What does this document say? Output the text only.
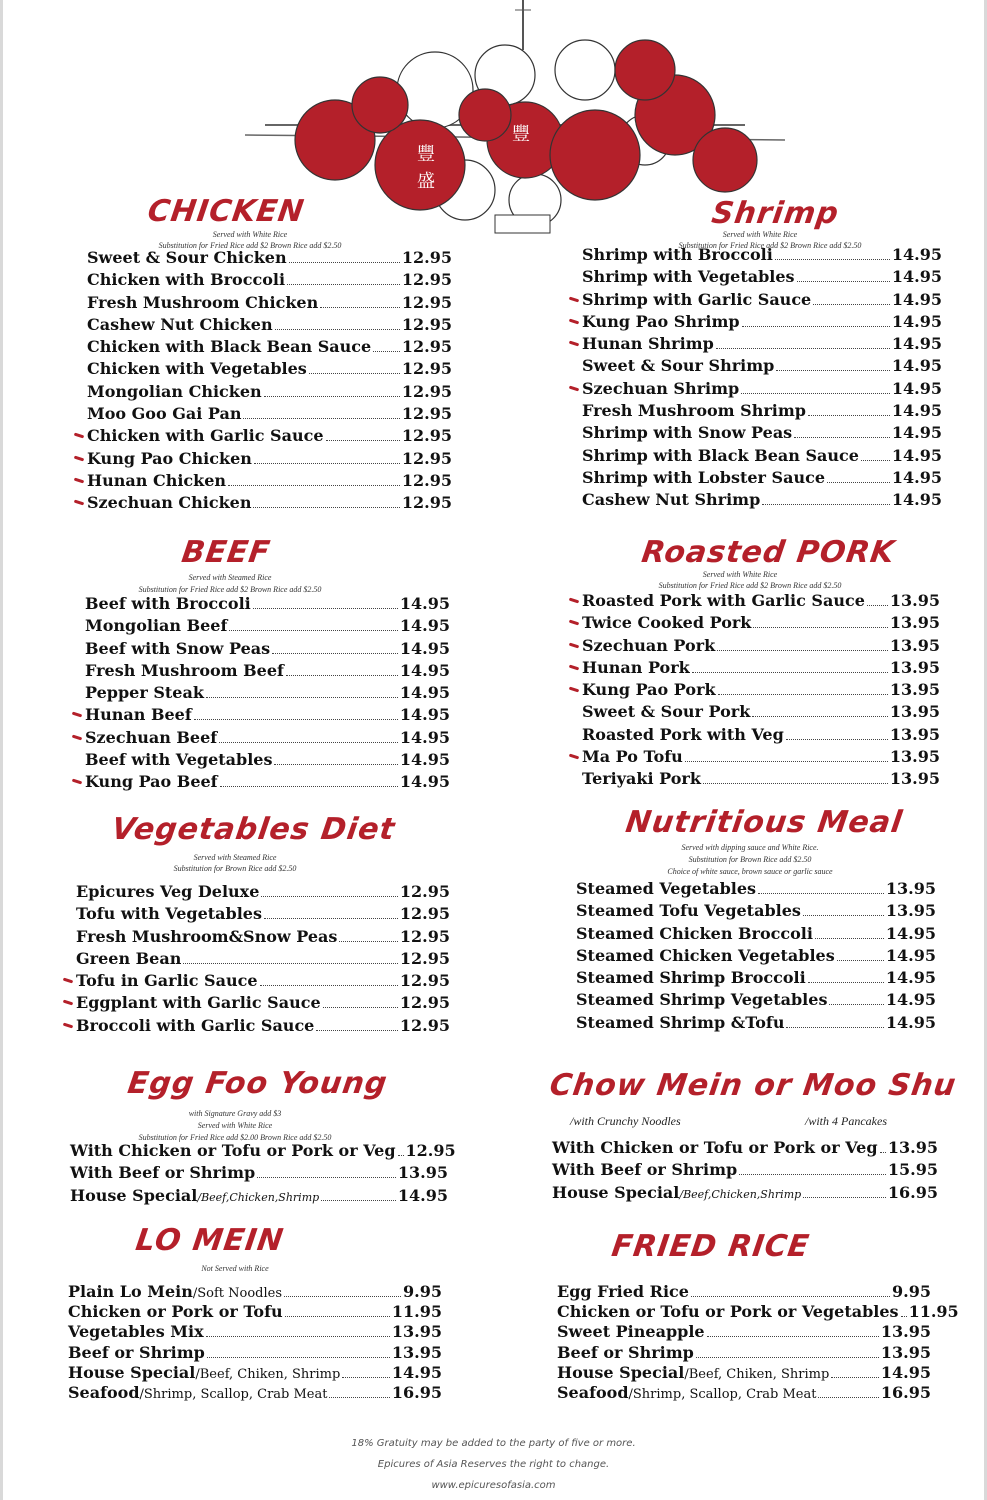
豐
盛
豐
CHICKEN
Served with White Rice
Substitution for Fried Rice add $2 Brown Rice add $2.50
Sweet & Sour Chicken	12.95
Chicken with Broccoli	12.95
Fresh Mushroom Chicken	12.95
Cashew Nut Chicken	12.95
Chicken with Black Bean Sauce 12.95
Chicken with Vegetables	12.95
Mongolian Chicken	12.95
Moo Goo Gai Pan	12.95
Chicken with Garlic Sauce	12.95
Kung Pao Chicken	12.95
Hunan Chicken	12.95
Szechuan Chicken	12.95
Shrimp
Served with White Rice
Substitution for Fried Rice add $2 Brown Rice add $2.50
Shrimp with Broccoli	14.95
Shrimp with Vegetables	14.95
Shrimp with Garlic Sauce	14.95
Kung Pao Shrimp	14.95
Hunan Shrimp	14.95
Sweet & Sour Shrimp	14.95
Szechuan Shrimp	14.95
Fresh Mushroom Shrimp	14.95
Shrimp with Snow Peas	14.95
Shrimp with Black Bean Sauce 14.95
Shrimp with Lobster Sauce	14.95
Cashew Nut Shrimp	14.95
BEEF
Served with Steamed Rice
Substitution for Fried Rice add $2 Brown Rice add $2.50
Beef with Broccoli	14.95
Mongolian Beef	14.95
Beef with Snow Peas	14.95
Fresh Mushroom Beef	14.95
Pepper Steak	14.95
Hunan Beef	14.95
Szechuan Beef	14.95
Beef with Vegetables	14.95
Kung Pao Beef	14.95
Roasted PORK
Served with White Rice
Substitution for Fried Rice add $2 Brown Rice add $2.50
Roasted Pork with Garlic Sauce 13.95
Twice Cooked Pork	13.95
Szechuan Pork	13.95
Hunan Pork	13.95
Kung Pao Pork	13.95
Sweet & Sour Pork	13.95
Roasted Pork with Veg	13.95
Ma Po Tofu	13.95
Teriyaki Pork	13.95
Vegetables Diet
Served with Steamed Rice
Substitution for Brown Rice add $2.50
Epicures Veg Deluxe	12.95
Tofu with Vegetables	12.95
Fresh Mushroom&Snow Peas	12.95
Green Bean	12.95
Tofu in Garlic Sauce	12.95
Eggplant with Garlic Sauce	12.95
Broccoli with Garlic Sauce	12.95
Nutritious Meal
Served with dipping sauce and White Rice.
Substitution for Brown Rice add $2.50
Choice of white sauce, brown sauce or garlic sauce
Steamed Vegetables	13.95
Steamed Tofu Vegetables	13.95
Steamed Chicken Broccoli	14.95
Steamed Chicken Vegetables	14.95
Steamed Shrimp Broccoli	14.95
Steamed Shrimp Vegetables	14.95
Steamed Shrimp &Tofu	14.95
Egg Foo Young
with Signature Gravy add $3
Served with White Rice
Substitution for Fried Rice add $2.00 Brown Rice add $2.50
With Chicken or Tofu or Pork or Veg 12.95
With Beef or Shrimp	13.95
House Special /Beef,Chicken,Shrimp	14.95
Chow Mein or Moo Shu
/with Crunchy Noodles	/with 4 Pancakes
With Chicken or Tofu or Pork or Veg 13.95
With Beef or Shrimp	15.95
House Special /Beef,Chicken,Shrimp	16.95
LO MEIN
Not Served with Rice
Plain Lo Mein /Soft Noodles	9.95
Chicken or Pork or Tofu	11.95
Vegetables Mix	13.95
Beef or Shrimp	13.95
House Special /Beef, Chiken, Shrimp	14.95
Seafood /Shrimp, Scallop, Crab Meat	16.95
FRIED RICE
Egg Fried Rice	9.95
Chicken or Tofu or Pork or Vegetables 11.95
Sweet Pineapple	13.95
Beef or Shrimp	13.95
House Special /Beef, Chiken, Shrimp	14.95
Seafood /Shrimp, Scallop, Crab Meat	16.95
18% Gratuity may be added to the party of five or more.
Epicures of Asia Reserves the right to change.
www.epicuresofasia.com
